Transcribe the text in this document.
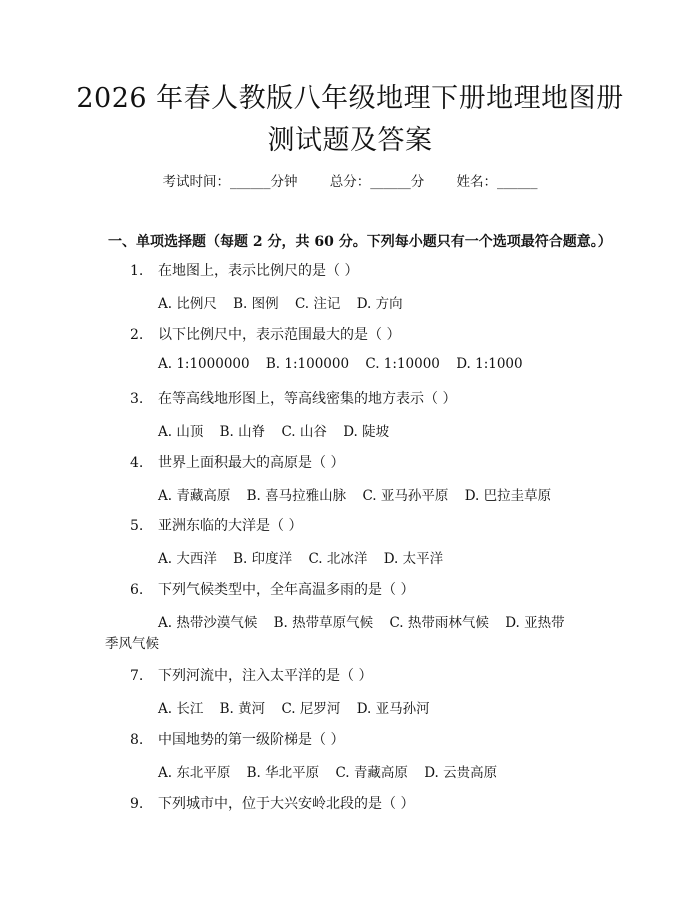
2026 年春人教版八年级地理下册地理地图册
测试题及答案
考试时间：______分钟 总分：______分 姓名：______
一、单项选择题（每题 2 分，共 60 分。下列每小题只有一个选项最符合题意。）
1. 在地图上，表示比例尺的是（ ）
A. 比例尺 B. 图例 C. 注记 D. 方向
2. 以下比例尺中，表示范围最大的是（ ）
A. 1:1000000 B. 1:100000 C. 1:10000 D. 1:1000
3. 在等高线地形图上，等高线密集的地方表示（ ）
A. 山顶 B. 山脊 C. 山谷 D. 陡坡
4. 世界上面积最大的高原是（ ）
A. 青藏高原 B. 喜马拉雅山脉 C. 亚马孙平原 D. 巴拉圭草原
5. 亚洲东临的大洋是（ ）
A. 大西洋 B. 印度洋 C. 北冰洋 D. 太平洋
6. 下列气候类型中，全年高温多雨的是（ ）
A. 热带沙漠气候 B. 热带草原气候 C. 热带雨林气候 D. 亚热带
季风气候
7. 下列河流中，注入太平洋的是（ ）
A. 长江 B. 黄河 C. 尼罗河 D. 亚马孙河
8. 中国地势的第一级阶梯是（ ）
A. 东北平原 B. 华北平原 C. 青藏高原 D. 云贵高原
9. 下列城市中，位于大兴安岭北段的是（ ）
